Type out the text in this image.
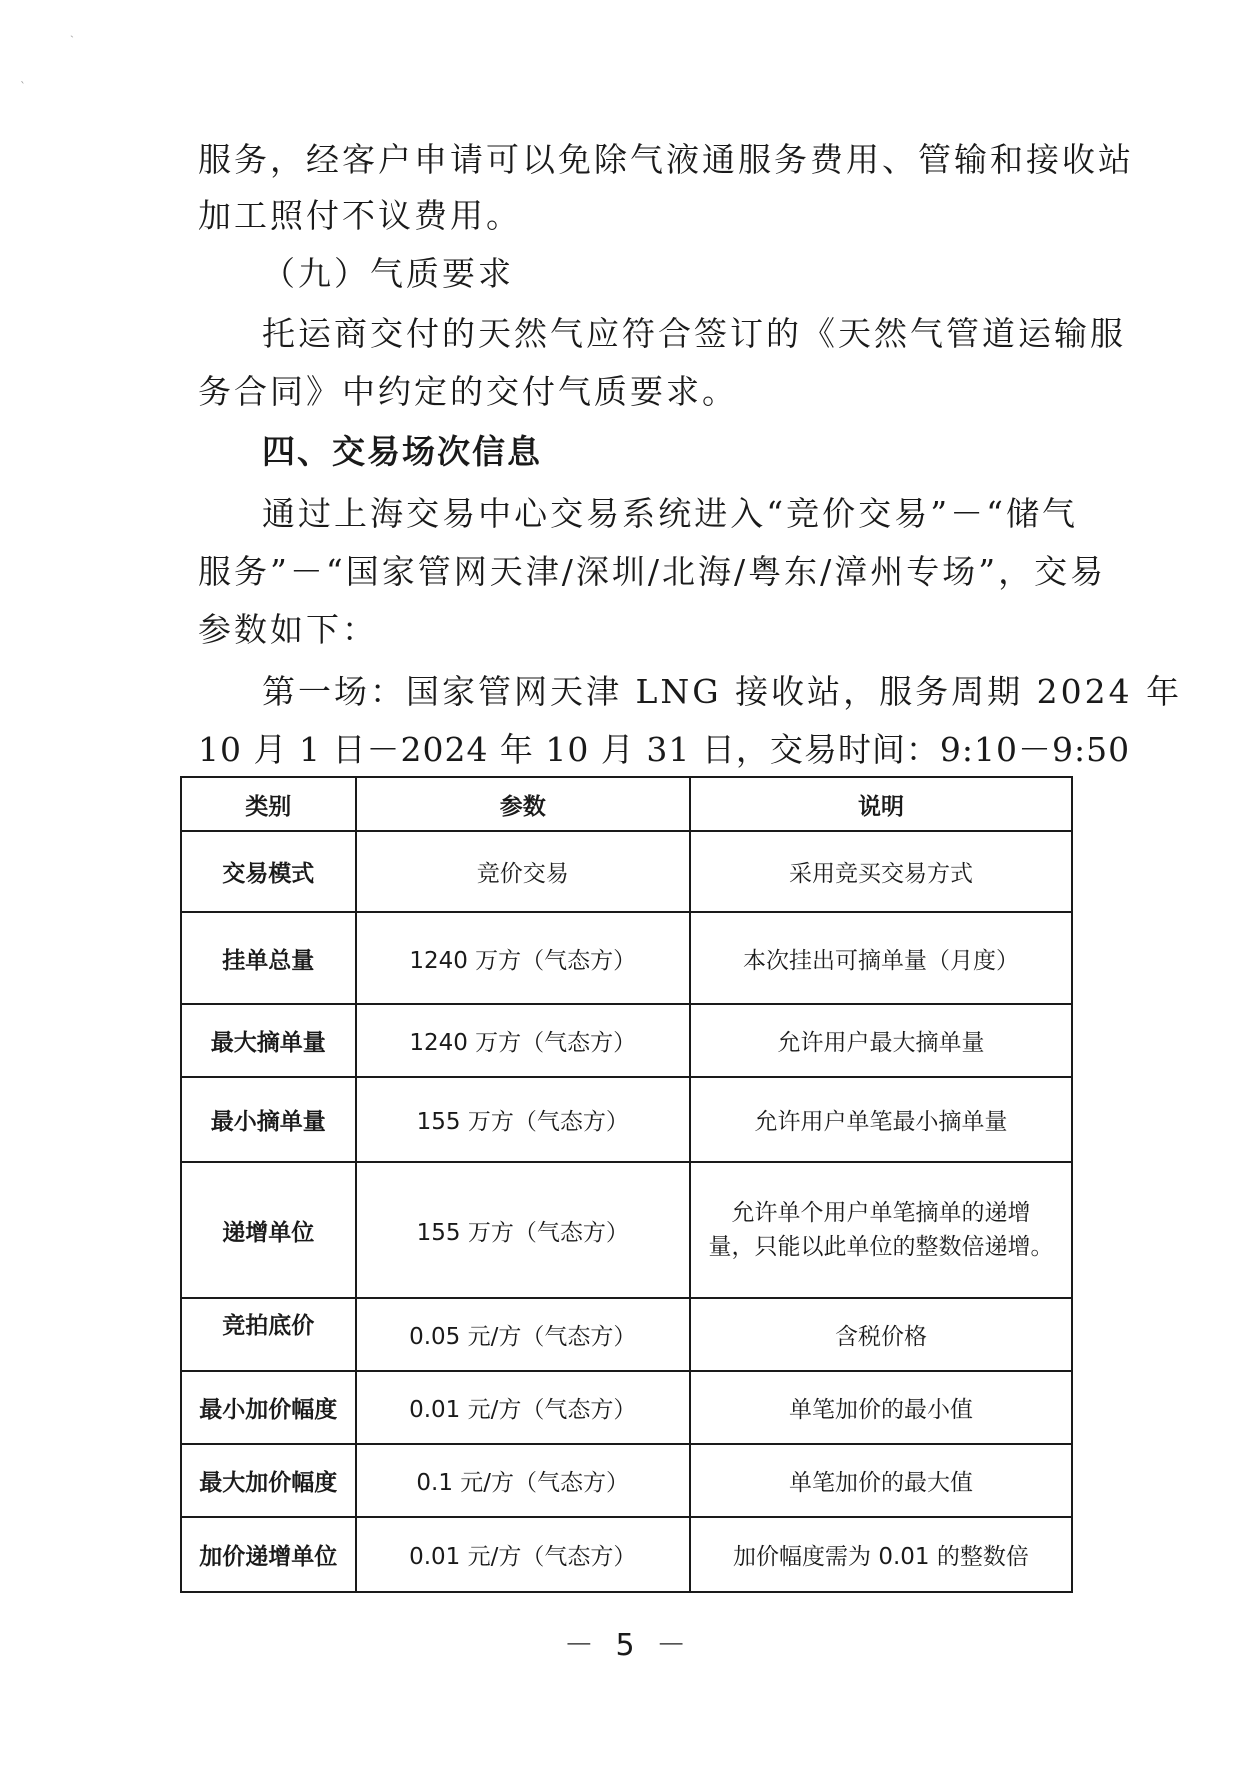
ˎ
ˋ
服务，经客户申请可以免除气液通服务费用、管输和接收站
加工照付不议费用。
（九）气质要求
托运商交付的天然气应符合签订的《天然气管道运输服
务合同》中约定的交付气质要求。
四、交易场次信息
通过上海交易中心交易系统进入“竞价交易”－“储气
服务”－“国家管网天津/深圳/北海/粤东/漳州专场”，交易
参数如下：
第一场：国家管网天津 LNG 接收站，服务周期 2024 年
10 月 1 日－2024 年 10 月 31 日，交易时间：9:10－9:50
类别	参数	说明
交易模式	竞价交易	采用竞买交易方式
挂单总量	1240 万方（气态方）	本次挂出可摘单量（月度）
最大摘单量	1240 万方（气态方）	允许用户最大摘单量
最小摘单量	155 万方（气态方）	允许用户单笔最小摘单量
递增单位	155 万方（气态方）	允许单个用户单笔摘单的递增
量，只能以此单位的整数倍递增。

竞拍底价	0.05 元/方（气态方）	含税价格
最小加价幅度	0.01 元/方（气态方）	单笔加价的最小值
最大加价幅度	0.1 元/方（气态方）	单笔加价的最大值
加价递增单位	0.01 元/方（气态方）	加价幅度需为 0.01 的整数倍
－ 5 －
